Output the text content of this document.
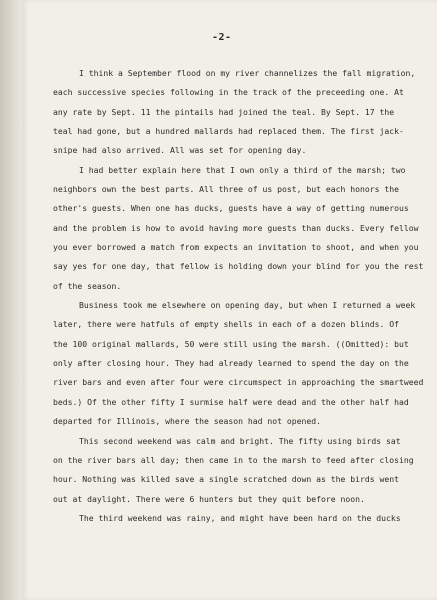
-2-
I think a September flood on my river channelizes the fall migration,
each successive species following in the track of the preceeding one. At
any rate by Sept. 11 the pintails had joined the teal. By Sept. 17 the
teal had gone, but a hundred mallards had replaced them. The first jack-
snipe had also arrived. All was set for opening day.
I had better explain here that I own only a third of the marsh; two
neighbors own the best parts. All three of us post, but each honors the
other's guests. When one has ducks, guests have a way of getting numerous
and the problem is how to avoid having more guests than ducks. Every fellow
you ever borrowed a match from expects an invitation to shoot, and when you
say yes for one day, that fellow is holding down your blind for you the rest
of the season.
Business took me elsewhere on opening day, but when I returned a week
later, there were hatfuls of empty shells in each of a dozen blinds. Of
the 100 original mallards, 50 were still using the marsh. ((Omitted): but
only after closing hour. They had already learned to spend the day on the
river bars and even after four were circumspect in approaching the smartweed
beds.) Of the other fifty I surmise half were dead and the other half had
departed for Illinois, where the season had not opened.
This second weekend was calm and bright. The fifty using birds sat
on the river bars all day; then came in to the marsh to feed after closing
hour. Nothing was killed save a single scratched down as the birds went
out at daylight. There were 6 hunters but they quit before noon.
The third weekend was rainy, and might have been hard on the ducks
